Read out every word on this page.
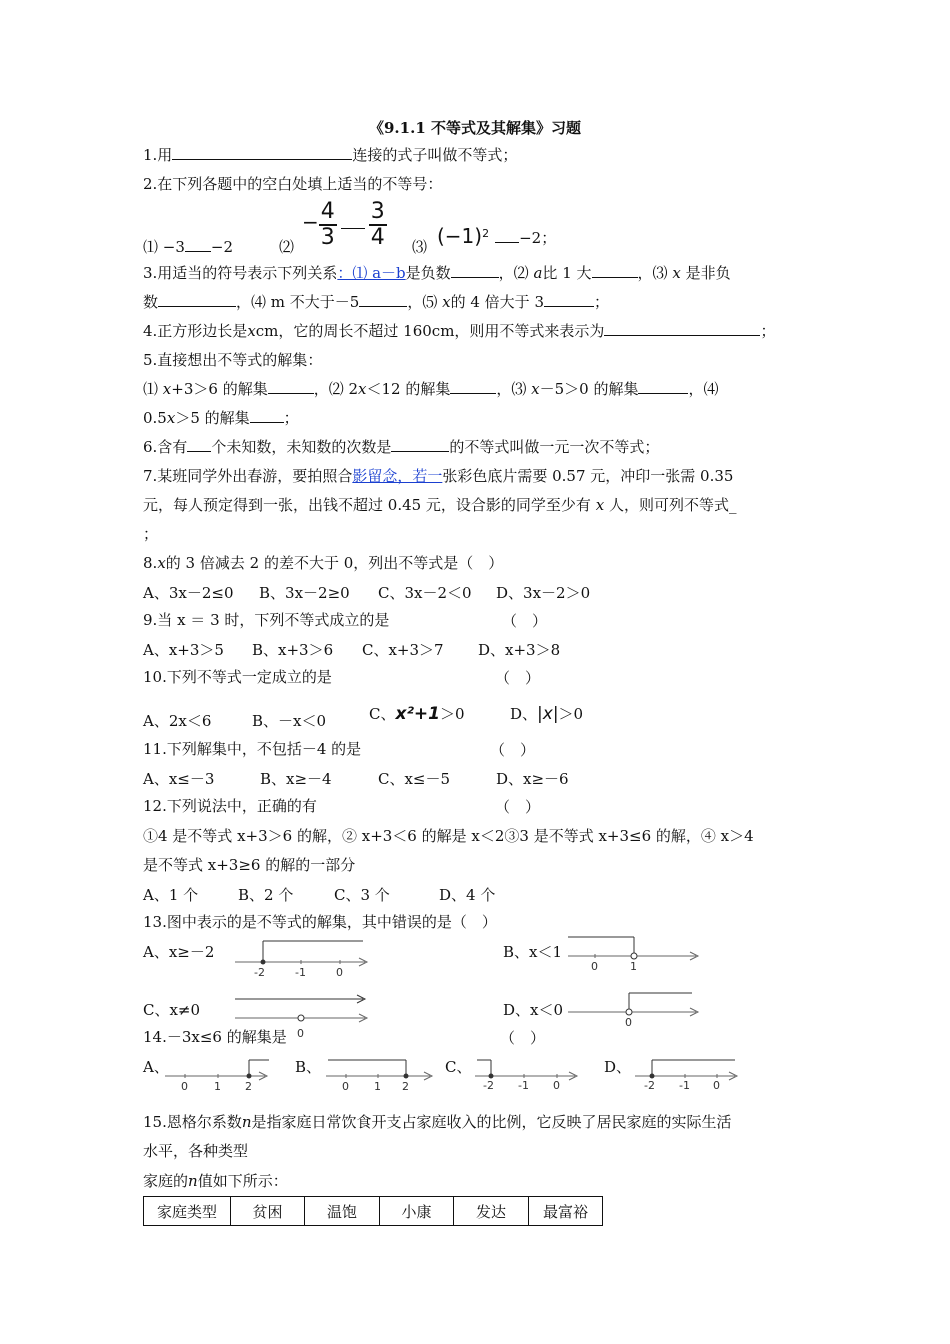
《9.1.1 不等式及其解集》习题
1.用	连接的式子叫做不等式；
2.在下列各题中的空白处填上适当的不等号：
⑴ −3 −2	⑵
− $\frac{4}{3} \frac{3}{4}$ ⑶ $(-1)^2 -2$；
3.用适当的符号表示下列关系：⑴ a－b是负数	，⑵ a比 1 大	，⑶ x 是非负
数	，⑷ m 不大于－5	，⑸ x的 4 倍大于 3	；
4.正方形边长是xcm，它的周长不超过 160cm，则用不等式来表示为	；
5.直接想出不等式的解集：
⑴ x+3＞6 的解集	，⑵ 2x＜12 的解集	，⑶ x－5＞0 的解集	，⑷
0.5x＞5 的解集 ；
6.含有 个未知数，未知数的次数是	的不等式叫做一元一次不等式；
7.某班同学外出春游，要拍照合影留念，若一张彩色底片需要 0.57 元，冲印一张需 0.35
元，每人预定得到一张，出钱不超过 0.45 元，设合影的同学至少有 x 人，则可列不等式_
；
8.x的 3 倍减去 2 的差不大于 0，列出不等式是（　）
A、3x－2≤0 B、3x－2≥0 C、3x－2＜0 D、3x－2＞0
9.当 x ＝ 3 时，下列不等式成立的是	（　）
A、x+3＞5 B、x+3＞6 C、x+3＞7 D、x+3＞8
10.下列不等式一定成立的是	（　）
A、2x＜6	B、－x＜0	C、x²+1＞0	D、|x|＞0
11.下列解集中，不包括－4 的是	（　）
A、x≤－3	B、x≥－4	C、x≤－5	D、x≥－6
12.下列说法中，正确的有	（　）
①4 是不等式 x+3＞6 的解，② x+3＜6 的解是 x＜2③3 是不等式 x+3≤6 的解，④ x＞4
是不等式 x+3≥6 的解的一部分
A、1 个	B、2 个	C、3 个	D、4 个
13.图中表示的是不等式的解集，其中错误的是（　）
A、x≥－2
-2	-1	0
B、x＜1
0	1
C、x≠0
0
D、x＜0
0
14.－3x≤6 的解集是	（　）
A、
0 1 2
B、
0 1 2
C、
-2 -1 0
D、
-2 -1 0
15.恩格尔系数n是指家庭日常饮食开支占家庭收入的比例，它反映了居民家庭的实际生活
水平，各种类型
家庭的n值如下所示：
家庭类型	贫困	温饱	小康	发达	最富裕
